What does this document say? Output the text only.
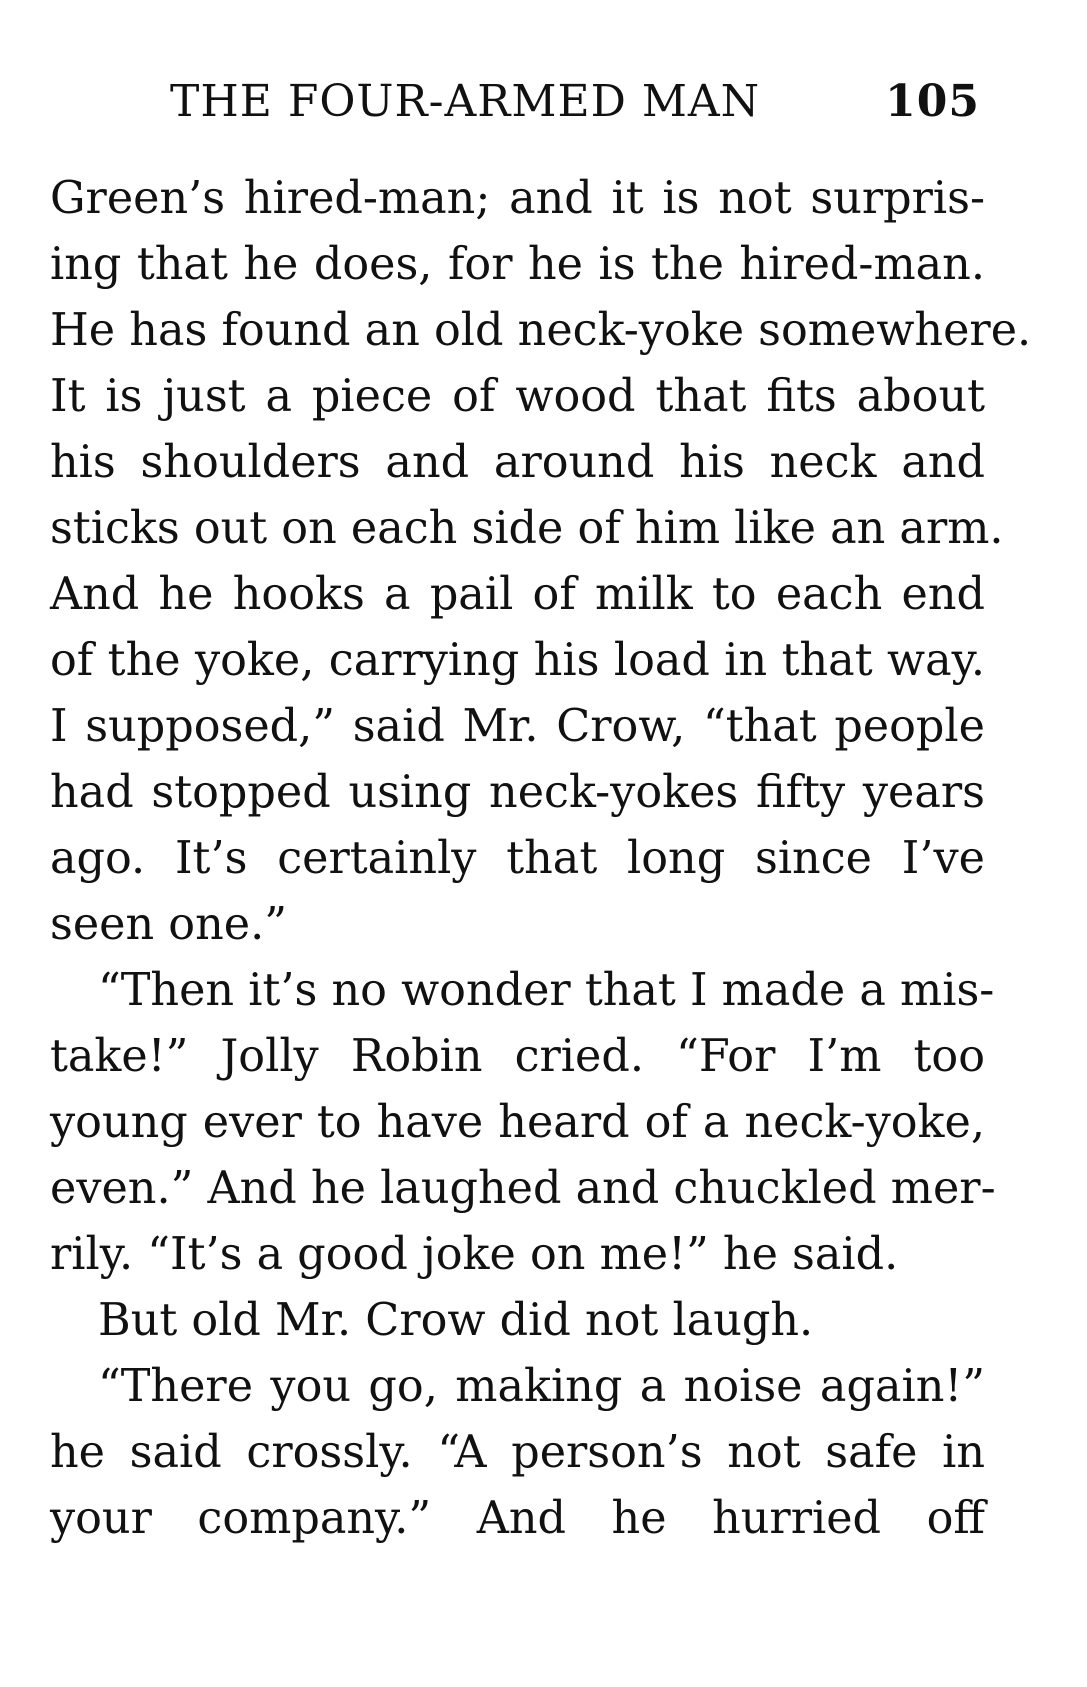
THE FOUR-ARMED MAN	105
Green’s hired-man; and it is not surpris-
ing that he does, for he is the hired-man.
He has found an old neck-yoke somewhere.
It is just a piece of wood that fits about
his shoulders and around his neck and
sticks out on each side of him like an arm.
And he hooks a pail of milk to each end
of the yoke, carrying his load in that way.
I supposed,” said Mr. Crow, “that people
had stopped using neck-yokes fifty years
ago. It’s certainly that long since I’ve
seen one.”
“Then it’s no wonder that I made a mis-
take!” Jolly Robin cried. “For I’m too
young ever to have heard of a neck-yoke,
even.” And he laughed and chuckled mer-
rily. “It’s a good joke on me!” he said.
But old Mr. Crow did not laugh.
“There you go, making a noise again!”
he said crossly. “A person’s not safe in
your company.” And he hurried off
